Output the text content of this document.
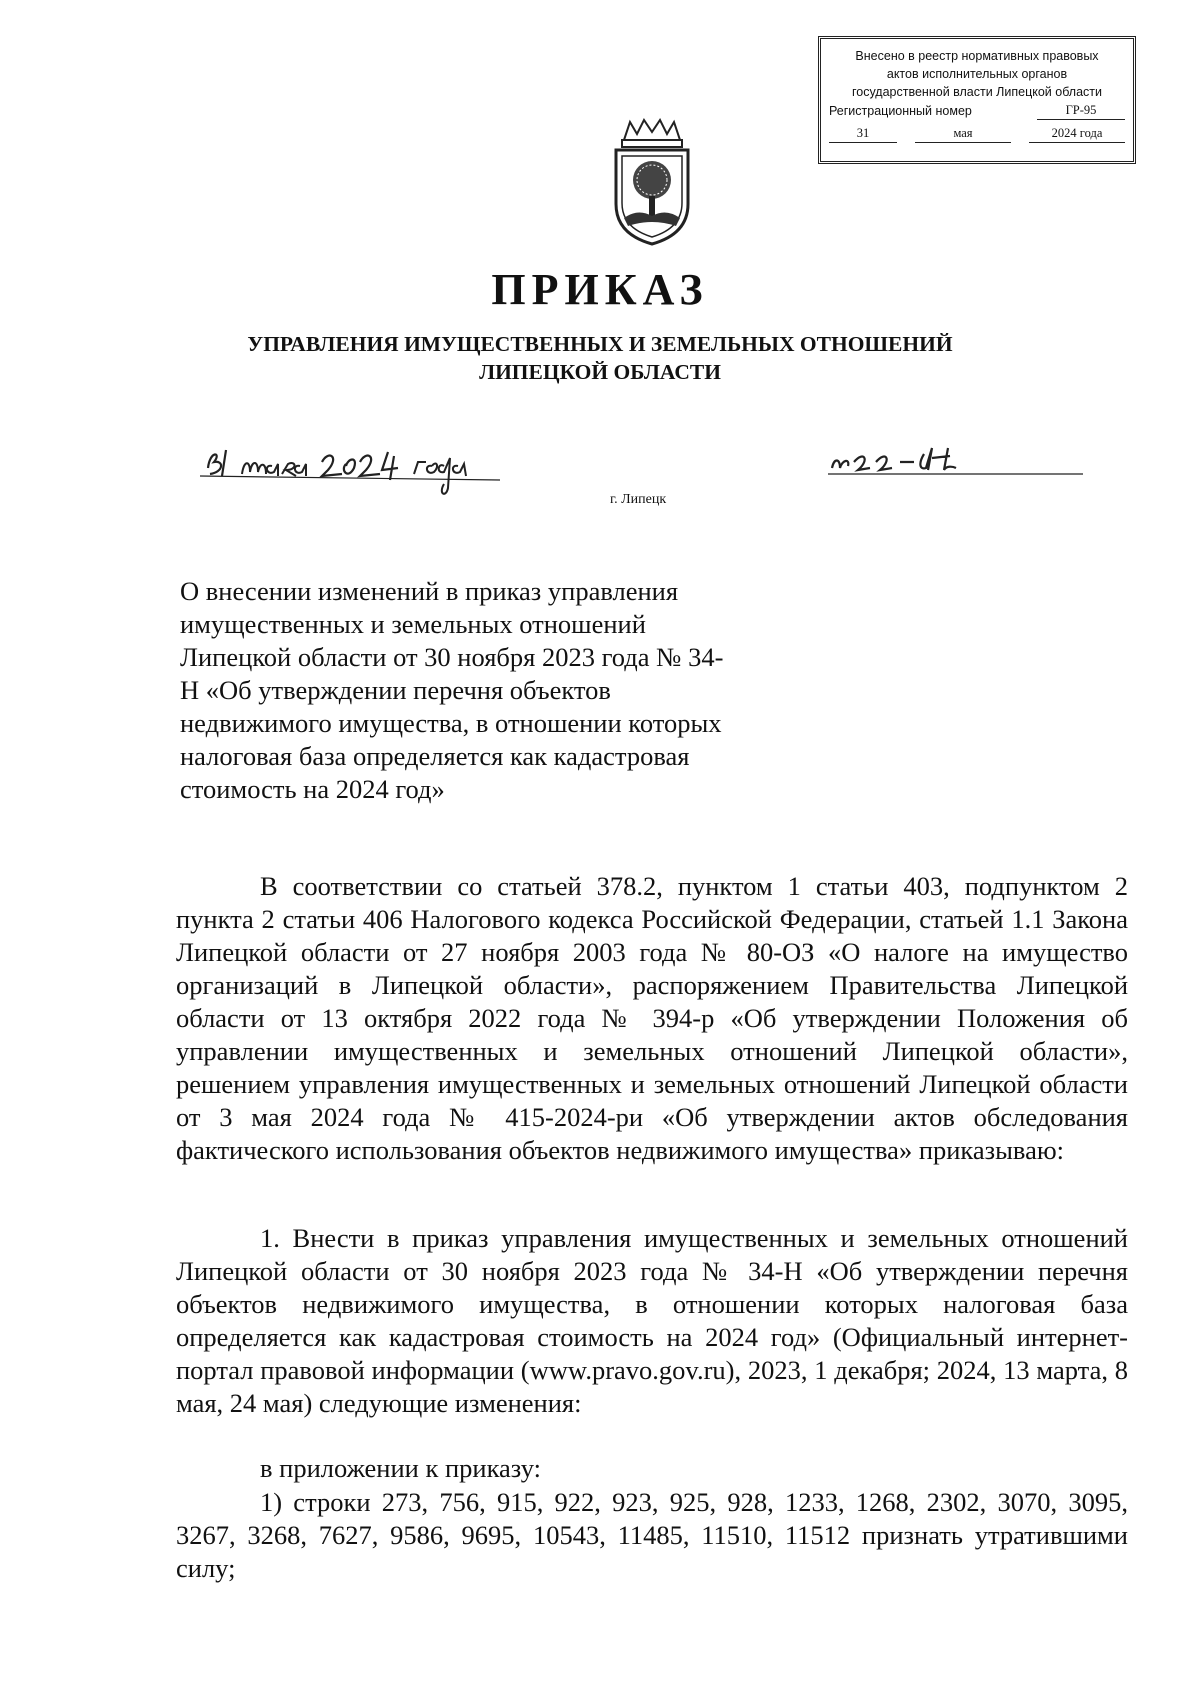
Внесено в реестр нормативных правовых
актов исполнительных органов
государственной власти Липецкой области
Регистрационный номер	ГР-95
31	мая	2024 года
ПРИКАЗ
УПРАВЛЕНИЯ ИМУЩЕСТВЕННЫХ И ЗЕМЕЛЬНЫХ ОТНОШЕНИЙ
ЛИПЕЦКОЙ ОБЛАСТИ
г. Липецк
О внесении изменений в приказ управления имущественных и земельных отношений Липецкой области от 30 ноября 2023 года № 34-Н «Об утверждении перечня объектов недвижимого имущества, в отношении которых налоговая база определяется как кадастровая стоимость на 2024 год»

В соответствии со статьей 378.2, пунктом 1 статьи 403, подпунктом 2 пункта 2 статьи 406 Налогового кодекса Российской Федерации, статьей 1.1 Закона Липецкой области от 27 ноября 2003 года № 80-ОЗ «О налоге на имущество организаций в Липецкой области», распоряжением Правительства Липецкой области от 13 октября 2022 года № 394-р «Об утверждении Положения об управлении имущественных и земельных отношений Липецкой области», решением управления имущественных и земельных отношений Липецкой области от 3 мая 2024 года № 415-2024-ри «Об утверждении актов обследования фактического использования объектов недвижимого имущества» приказываю:

1. Внести в приказ управления имущественных и земельных отношений Липецкой области от 30 ноября 2023 года № 34-Н «Об утверждении перечня объектов недвижимого имущества, в отношении которых налоговая база определяется как кадастровая стоимость на 2024 год» (Официальный интернет-портал правовой информации (www.pravo.gov.ru), 2023, 1 декабря; 2024, 13 марта, 8 мая, 24 мая) следующие изменения:

в приложении к приказу:

1) строки 273, 756, 915, 922, 923, 925, 928, 1233, 1268, 2302, 3070, 3095, 3267, 3268, 7627, 9586, 9695, 10543, 11485, 11510, 11512 признать утратившими силу;
